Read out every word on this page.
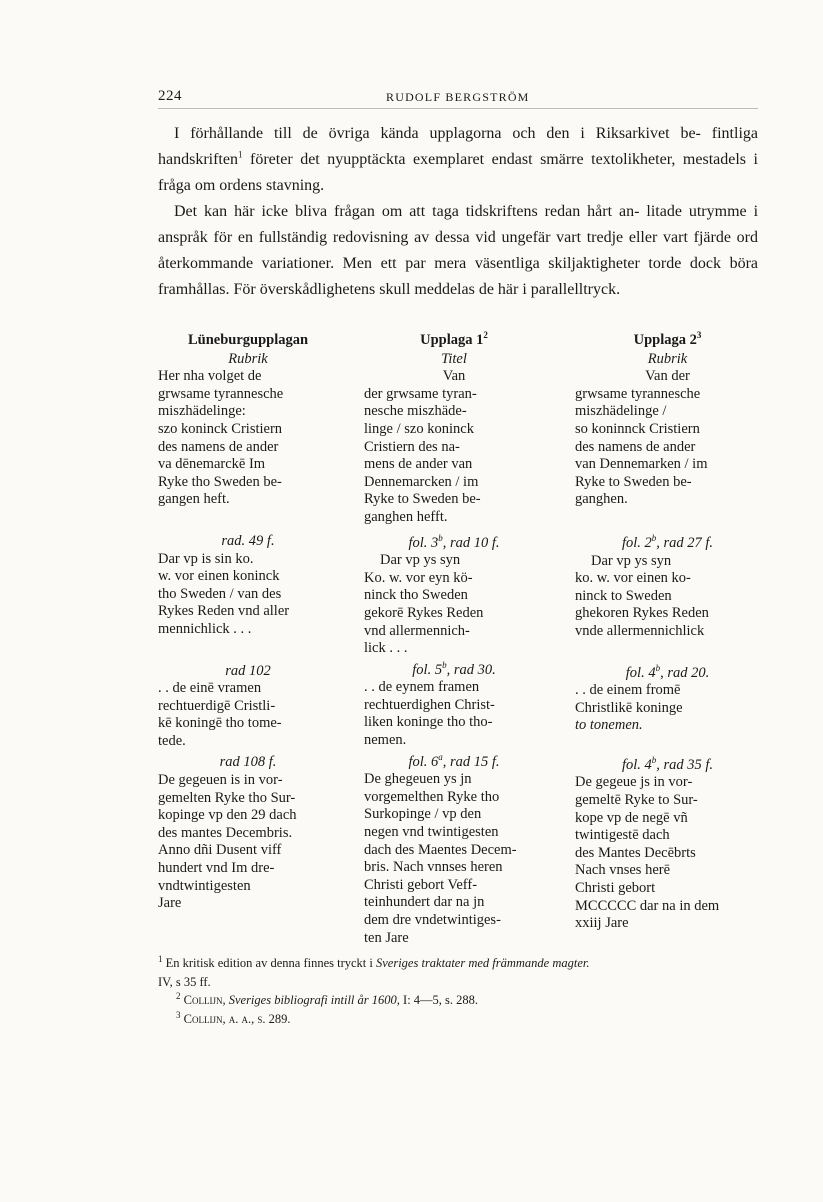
224	RUDOLF BERGSTRÖM

I förhållande till de övriga kända upplagorna och den i Riksarkivet be- fintliga handskriften$^1$ företer det nyupptäckta exemplaret endast smärre textolikheter, mestadels i fråga om ordens stavning.

Det kan här icke bliva frågan om att taga tidskriftens redan hårt an- litade utrymme i anspråk för en fullständig redovisning av dessa vid ungefär vart tredje eller vart fjärde ord återkommande variationer. Men ett par mera väsentliga skiljaktigheter torde dock böra framhållas. För överskådlighetens skull meddelas de här i parallelltryck.

Lüneburgupplagan
Rubrik
Her nha volget de
grwsame tyrannesche
miszhädelinge:
szo koninck Cristiern
des namens de ander
va dēnemarckē Im
Ryke tho Sweden be-
gangen heft.
rad. 49 f.
Dar vp is sin ko.
w. vor einen koninck
tho Sweden / van des
Rykes Reden vnd aller
mennichlick . . .
rad 102
. . de einē vramen
rechtuerdigē Cristli-
kē koningē tho tome-
tede.
rad 108 f.
De gegeuen is in vor-
gemelten Ryke tho Sur-
kopinge vp den 29 dach
des mantes Decembris.
Anno dñi Dusent viff
hundert vnd Im dre-
vndtwintigesten
Jare
Upplaga $1^2$
Titel
Van
der grwsame tyran-
nesche miszhäde-
linge / szo koninck
Cristiern des na-
mens de ander van
Dennemarcken / im
Ryke to Sweden be-
ganghen hefft.
fol. 3$^b$, rad 10 f.
Dar vp ys syn
Ko. w. vor eyn kö-
ninck tho Sweden
gekorē Rykes Reden
vnd allermennich-
lick . . .
fol. 5$^b$, rad 30.
. . de eynem framen
rechtuerdighen Christ-
liken koninge tho tho-
nemen.
fol. 6$^a$, rad 15 f.
De ghegeuen ys jn
vorgemelthen Ryke tho
Surkopinge / vp den
negen vnd twintigesten
dach des Maentes Decem-
bris. Nach vnnses heren
Christi gebort Veff-
teinhundert dar na jn
dem dre vndetwintiges-
ten Jare
Upplaga $2^3$
Rubrik
Van der
grwsame tyrannesche
miszhädelinge /
so koninnck Cristiern
des namens de ander
van Dennemarken / im
Ryke to Sweden be-
ganghen.
fol. 2$^b$, rad 27 f.
Dar vp ys syn
ko. w. vor einen ko-
ninck to Sweden
ghekoren Rykes Reden
vnde allermennichlick
fol. 4$^b$, rad 20.
. . de einem fromē
Christlikē koninge
to tonemen.
fol. 4$^b$, rad 35 f.
De gegeue js in vor-
gemeltē Ryke to Sur-
kope vp de negē vñ
twintigestē dach
des Mantes Decēbrts
Nach vnses herē
Christi gebort
MCCCCC dar na in dem
xxiij Jare
$^1$ En kritisk edition av denna finnes tryckt i Sveriges traktater med främmande magter.
IV, s 35 ff.
$^2$ Collijn, Sveriges bibliografi intill år 1600, I: 4—5, s. 288.
$^3$ Collijn, a. a., s. 289.
